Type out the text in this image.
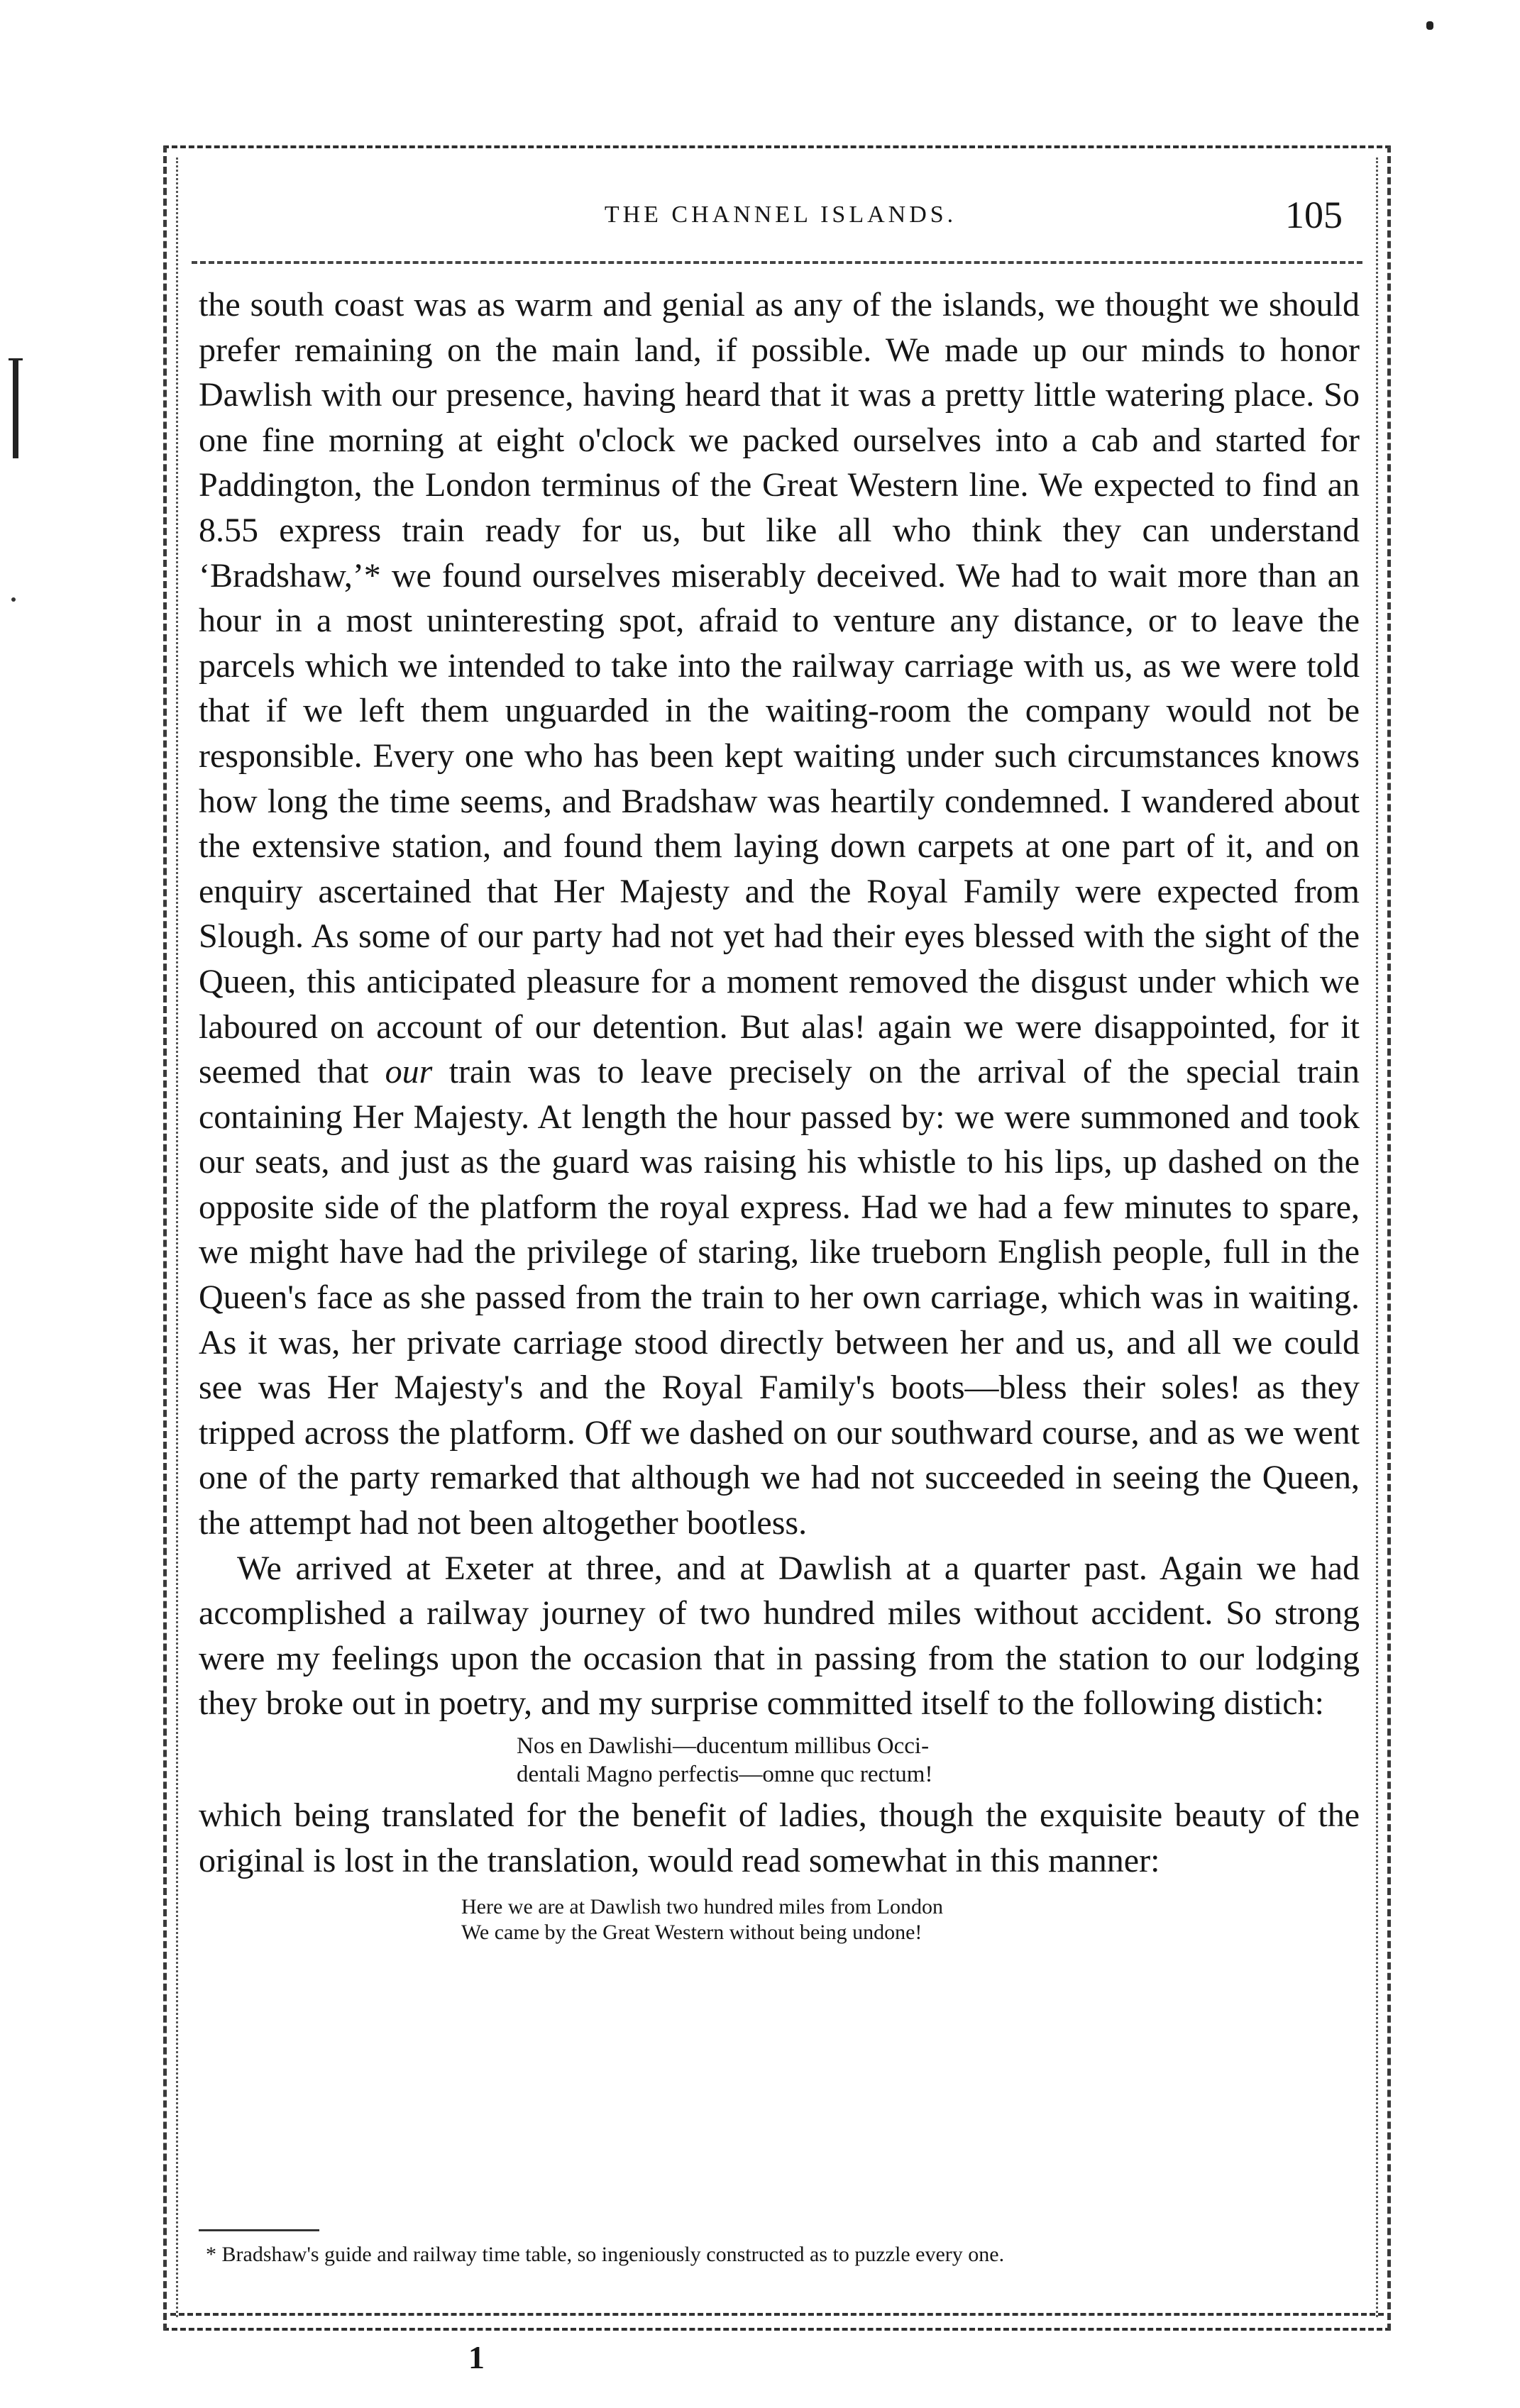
THE CHANNEL ISLANDS.	105

the south coast was as warm and genial as any of the islands, we thought we should prefer remaining on the main land, if possible. We made up our minds to honor Dawlish with our presence, having heard that it was a pretty little watering place. So one fine morning at eight o'clock we packed ourselves into a cab and started for Paddington, the London terminus of the Great Western line. We expected to find an 8.55 express train ready for us, but like all who think they can understand ‘Bradshaw,’* we found ourselves miserably deceived. We had to wait more than an hour in a most uninteresting spot, afraid to venture any distance, or to leave the parcels which we intended to take into the railway carriage with us, as we were told that if we left them unguarded in the waiting-room the company would not be responsible. Every one who has been kept waiting under such circumstances knows how long the time seems, and Bradshaw was heartily condemned. I wandered about the extensive station, and found them laying down carpets at one part of it, and on enquiry ascertained that Her Majesty and the Royal Family were expected from Slough. As some of our party had not yet had their eyes blessed with the sight of the Queen, this anticipated pleasure for a moment removed the disgust under which we laboured on account of our detention. But alas! again we were disappointed, for it seemed that our train was to leave precisely on the arrival of the special train containing Her Majesty. At length the hour passed by: we were summoned and took our seats, and just as the guard was raising his whistle to his lips, up dashed on the opposite side of the platform the royal express. Had we had a few minutes to spare, we might have had the privilege of staring, like trueborn English people, full in the Queen's face as she passed from the train to her own carriage, which was in waiting. As it was, her private carriage stood directly between her and us, and all we could see was Her Majesty's and the Royal Family's boots—bless their soles! as they tripped across the platform. Off we dashed on our southward course, and as we went one of the party remarked that although we had not succeeded in seeing the Queen, the attempt had not been altogether bootless.

We arrived at Exeter at three, and at Dawlish at a quarter past. Again we had accomplished a railway journey of two hundred miles without accident. So strong were my feelings upon the occasion that in passing from the station to our lodging they broke out in poetry, and my surprise committed itself to the following distich:

Nos en Dawlishi—ducentum millibus Occi-
dentali Magno perfectis—omne quc rectum!

which being translated for the benefit of ladies, though the exquisite beauty of the original is lost in the translation, would read somewhat in this manner:

Here we are at Dawlish two hundred miles from London
We came by the Great Western without being undone!
* Bradshaw's guide and railway time table, so ingeniously constructed as to puzzle every one.
1
